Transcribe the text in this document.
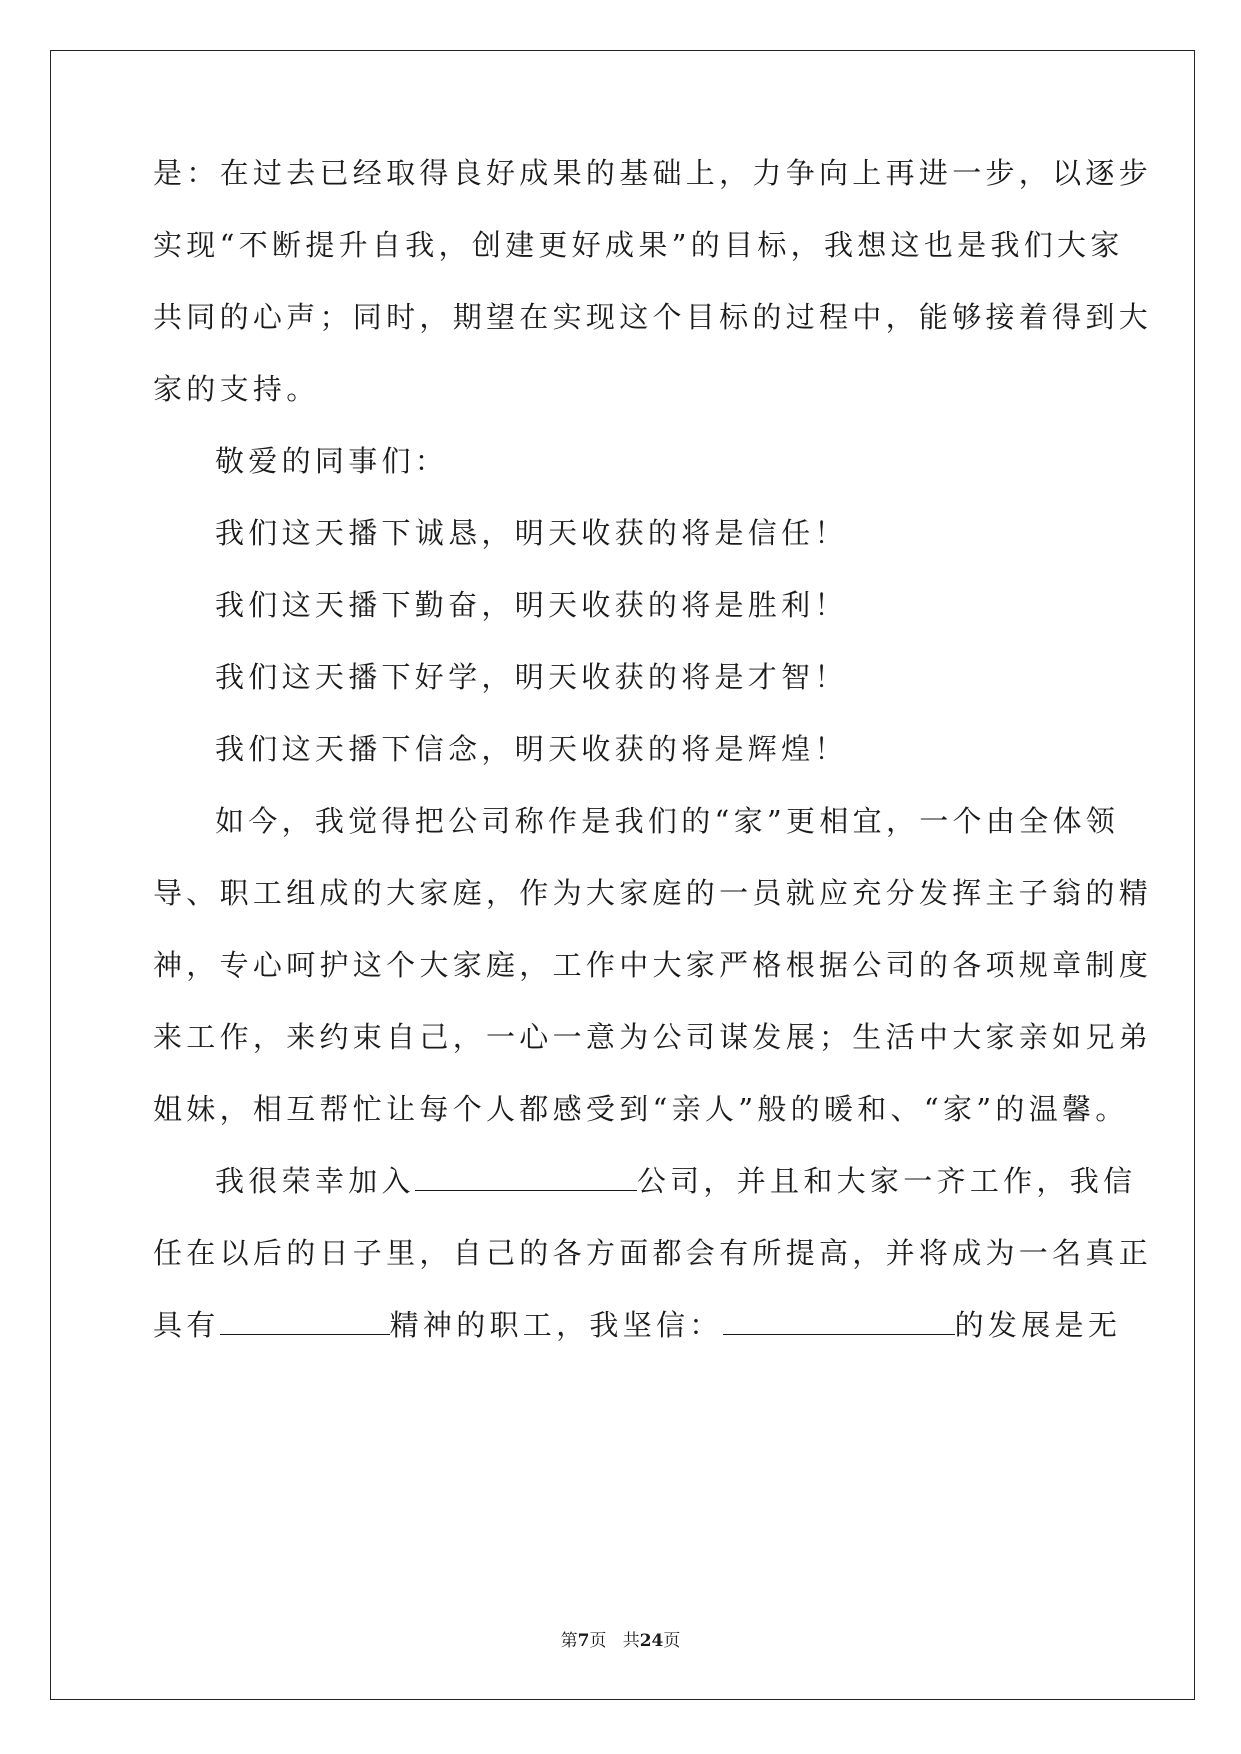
是：在过去已经取得良好成果的基础上，力争向上再进一步，以逐步
实现“不断提升自我，创建更好成果”的目标，我想这也是我们大家
共同的心声；同时，期望在实现这个目标的过程中，能够接着得到大
家的支持。
敬爱的同事们：
我们这天播下诚恳，明天收获的将是信任！
我们这天播下勤奋，明天收获的将是胜利！
我们这天播下好学，明天收获的将是才智！
我们这天播下信念，明天收获的将是辉煌！
如今，我觉得把公司称作是我们的“家”更相宜，一个由全体领
导、职工组成的大家庭，作为大家庭的一员就应充分发挥主子翁的精
神，专心呵护这个大家庭，工作中大家严格根据公司的各项规章制度
来工作，来约束自己，一心一意为公司谋发展；生活中大家亲如兄弟
姐妹，相互帮忙让每个人都感受到“亲人”般的暖和、“家”的温馨。
我很荣幸加入	公司，并且和大家一齐工作，我信
任在以后的日子里，自己的各方面都会有所提高，并将成为一名真正
具有	精神的职工，我坚信：	的发展是无
第7页 共24页
